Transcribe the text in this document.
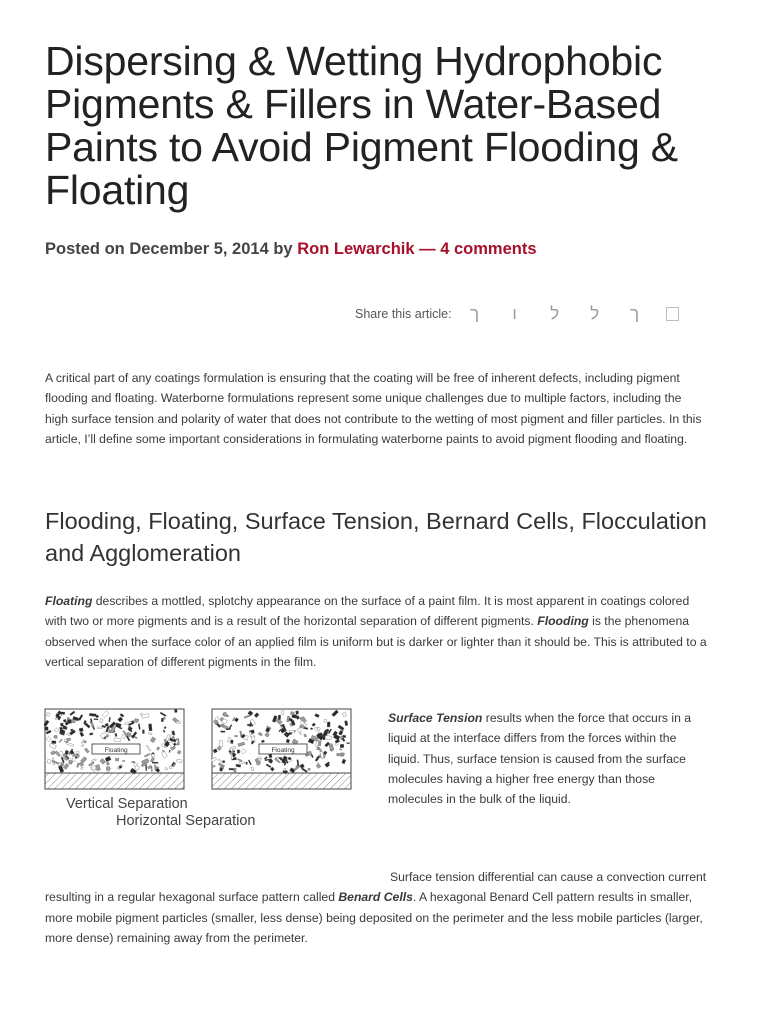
Dispersing & Wetting Hydrophobic Pigments & Fillers in Water-Based Paints to Avoid Pigment Flooding & Floating
Posted on December 5, 2014 by Ron Lewarchik — 4 comments
Share this article: ך	ו	ל ל ך

A critical part of any coatings formulation is ensuring that the coating will be free of inherent defects, including pigment flooding and floating. Waterborne formulations represent some unique challenges due to multiple factors, including the high surface tension and polarity of water that does not contribute to the wetting of most pigment and filler particles. In this article, I’ll define some important considerations in formulating waterborne paints to avoid pigment flooding and floating.

Flooding, Floating, Surface Tension, Bernard Cells, Flocculation and Agglomeration

Floating describes a mottled, splotchy appearance on the surface of a paint film. It is most apparent in coatings colored with two or more pigments and is a result of the horizontal separation of different pigments. Flooding is the phenomena observed when the surface color of an applied film is uniform but is darker or lighter than it should be. This is attributed to a vertical separation of different pigments in the film.

Floating	Floating
Vertical Separation
Horizontal Separation

Surface Tension results when the force that occurs in a liquid at the interface differs from the forces within the liquid. Thus, surface tension is caused from the surface molecules having a higher free energy than those molecules in the bulk of the liquid.

Surface tension differential can cause a convection current resulting in a regular hexagonal surface pattern called Benard Cells. A hexagonal Benard Cell pattern results in smaller, more mobile pigment particles (smaller, less dense) being deposited on the perimeter and the less mobile particles (larger, more dense) remaining away from the perimeter.
